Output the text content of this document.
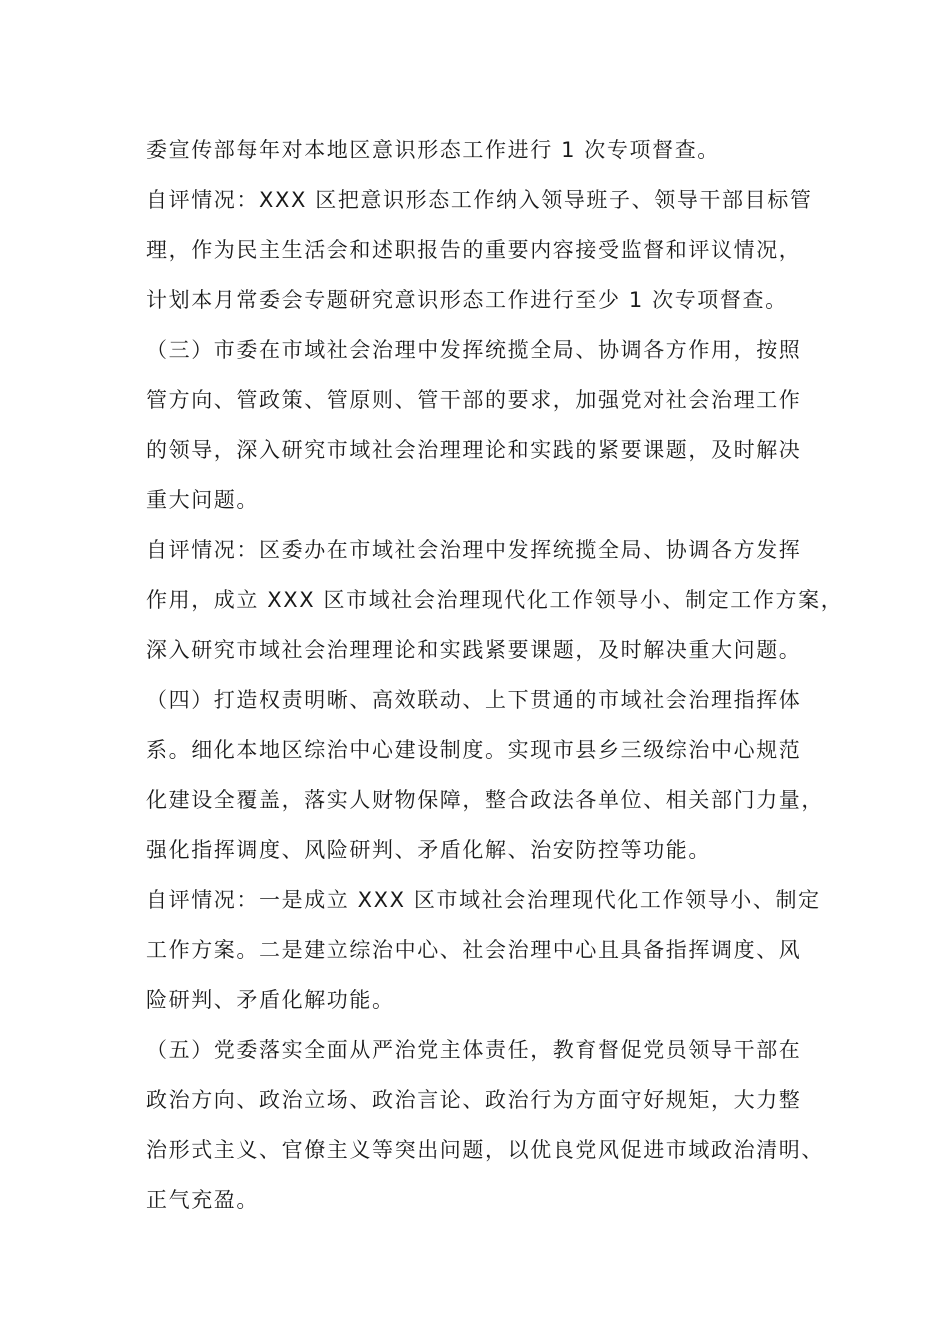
委宣传部每年对本地区意识形态工作进行 1 次专项督查。

自评情况：XXX 区把意识形态工作纳入领导班子、领导干部目标管

理，作为民主生活会和述职报告的重要内容接受监督和评议情况，

计划本月常委会专题研究意识形态工作进行至少 1 次专项督查。

（三）市委在市域社会治理中发挥统揽全局、协调各方作用，按照

管方向、管政策、管原则、管干部的要求，加强党对社会治理工作

的领导，深入研究市域社会治理理论和实践的紧要课题，及时解决

重大问题。

自评情况：区委办在市域社会治理中发挥统揽全局、协调各方发挥

作用，成立 XXX 区市域社会治理现代化工作领导小、制定工作方案，

深入研究市域社会治理理论和实践紧要课题，及时解决重大问题。

（四）打造权责明晰、高效联动、上下贯通的市域社会治理指挥体

系。细化本地区综治中心建设制度。实现市县乡三级综治中心规范

化建设全覆盖，落实人财物保障，整合政法各单位、相关部门力量，

强化指挥调度、风险研判、矛盾化解、治安防控等功能。

自评情况：一是成立 XXX 区市域社会治理现代化工作领导小、制定

工作方案。二是建立综治中心、社会治理中心且具备指挥调度、风

险研判、矛盾化解功能。

（五）党委落实全面从严治党主体责任，教育督促党员领导干部在

政治方向、政治立场、政治言论、政治行为方面守好规矩，大力整

治形式主义、官僚主义等突出问题，以优良党风促进市域政治清明、

正气充盈。
